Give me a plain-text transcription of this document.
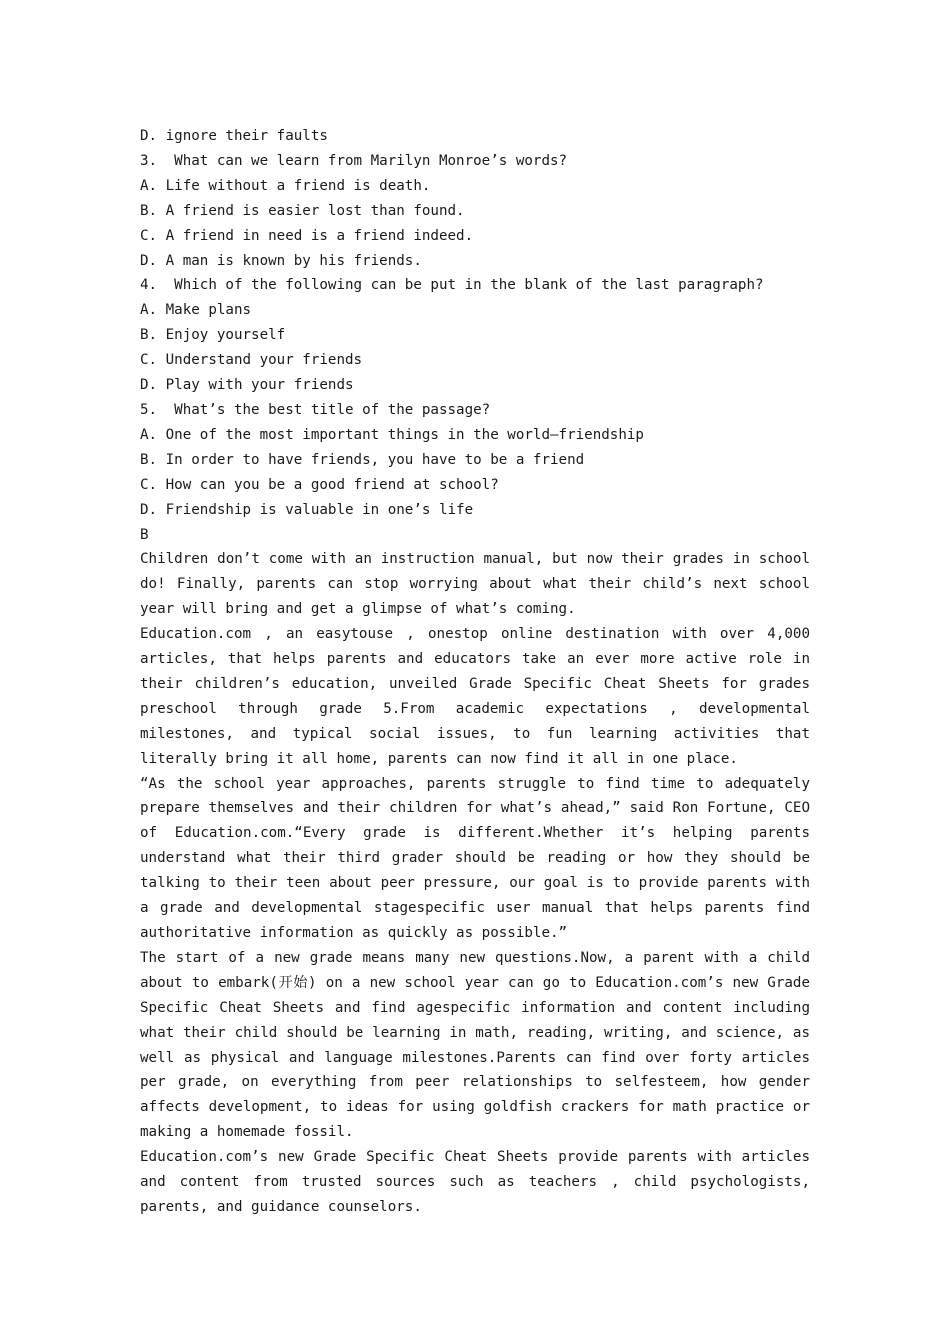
D. ignore their faults
3.  What can we learn from Marilyn Monroe’s words?
A. Life without a friend is death.
B. A friend is easier lost than found.
C. A friend in need is a friend indeed.
D. A man is known by his friends.
4.  Which of the following can be put in the blank of the last paragraph?
A. Make plans
B. Enjoy yourself
C. Understand your friends
D. Play with your friends
5.  What’s the best title of the passage?
A. One of the most important things in the world—friendship
B. In order to have friends, you have to be a friend
C. How can you be a good friend at school?
D. Friendship is valuable in one’s life
B

Children don’t come with an instruction manual, but now their grades in school do! Finally, parents can stop worrying about what their child’s next school year will bring and get a glimpse of what’s coming.

Education.com , an easytouse , onestop online destination with over 4,000 articles, that helps parents and educators take an ever more active role in their children’s education, unveiled Grade Specific Cheat Sheets for grades preschool through grade 5.From academic expectations , developmental milestones, and typical social issues, to fun learning activities that literally bring it all home, parents can now find it all in one place.

“As the school year approaches, parents struggle to find time to adequately prepare themselves and their children for what’s ahead,” said Ron Fortune, CEO of Education.com.“Every grade is different.Whether it’s helping parents understand what their third grader should be reading or how they should be talking to their teen about peer pressure, our goal is to provide parents with a grade and developmental stagespecific user manual that helps parents find authoritative information as quickly as possible.”

The start of a new grade means many new questions.Now, a parent with a child about to embark(开始) on a new school year can go to Education.com’s new Grade Specific Cheat Sheets and find agespecific information and content including what their child should be learning in math, reading, writing, and science, as well as physical and language milestones.Parents can find over forty articles per grade, on everything from peer relationships to selfesteem, how gender affects development, to ideas for using goldfish crackers for math practice or making a homemade fossil.

Education.com’s new Grade Specific Cheat Sheets provide parents with articles and content from trusted sources such as teachers , child psychologists, parents, and guidance counselors.
